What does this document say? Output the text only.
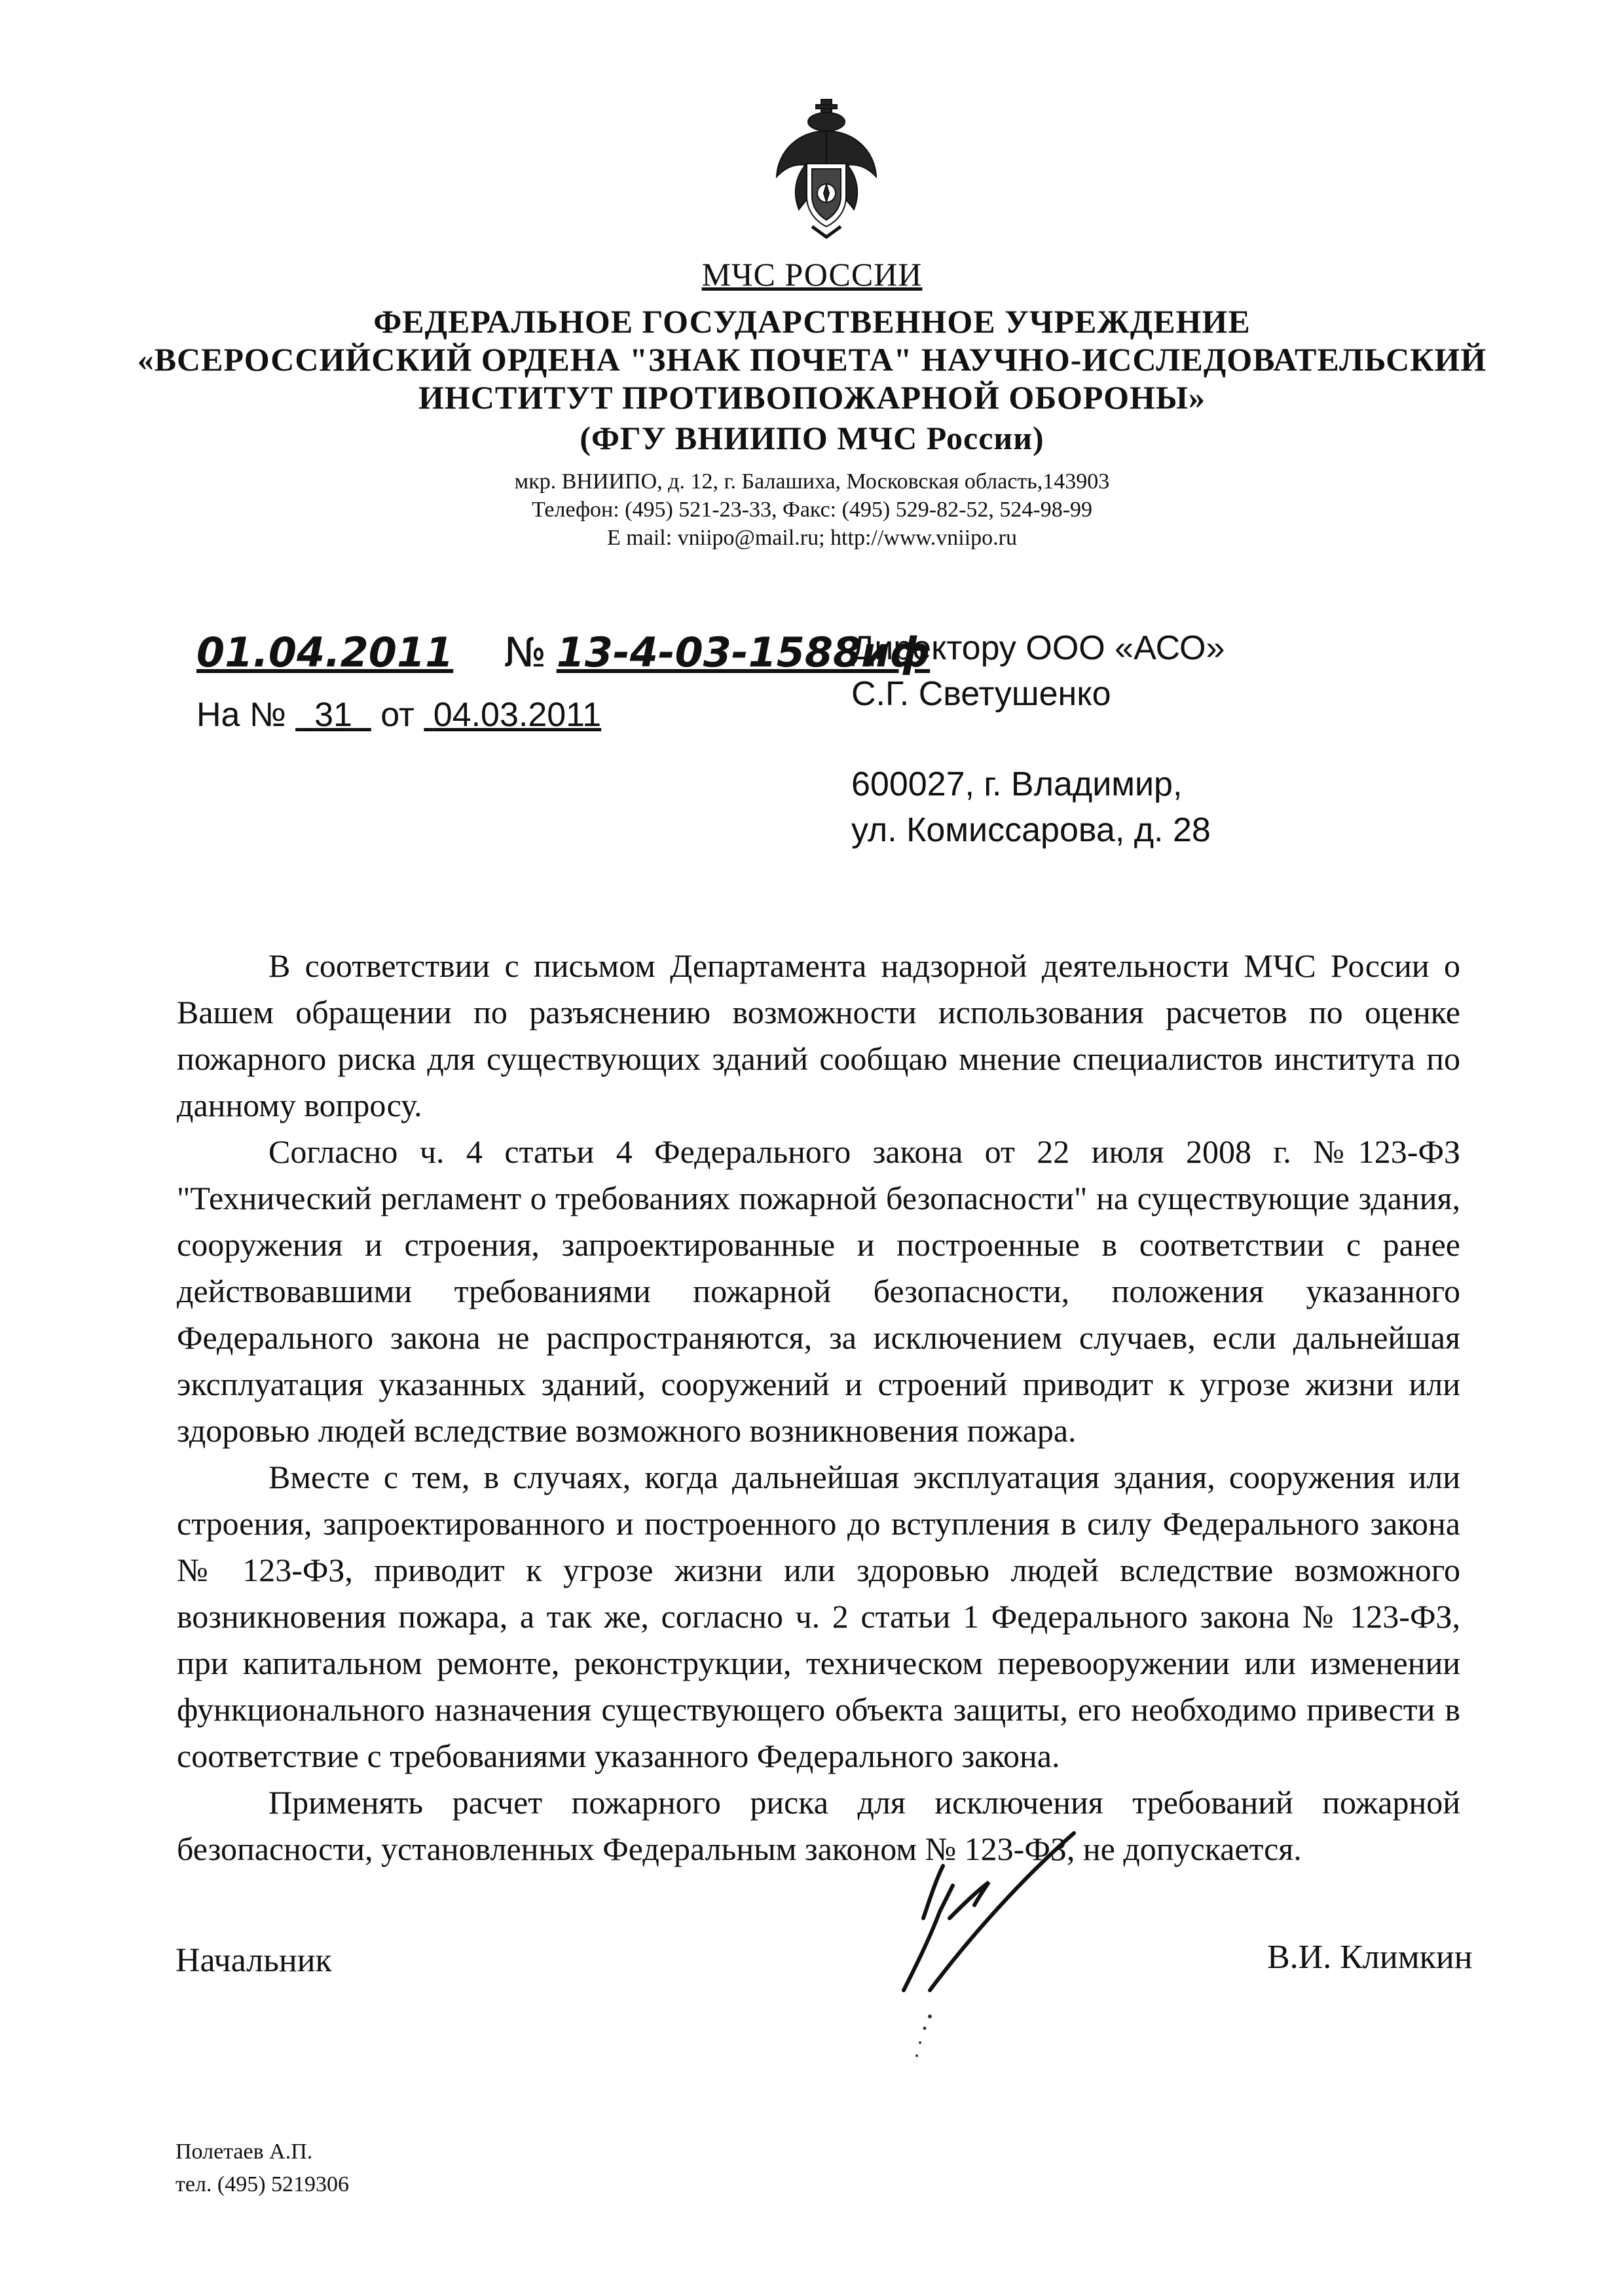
МЧС РОССИИ
ФЕДЕРАЛЬНОЕ ГОСУДАРСТВЕННОЕ УЧРЕЖДЕНИЕ
«ВСЕРОССИЙСКИЙ ОРДЕНА "ЗНАК ПОЧЕТА" НАУЧНО-ИССЛЕДОВАТЕЛЬСКИЙ
ИНСТИТУТ ПРОТИВОПОЖАРНОЙ ОБОРОНЫ»
(ФГУ ВНИИПО МЧС России)
мкр. ВНИИПО, д. 12, г. Балашиха, Московская область,143903
Телефон: (495) 521-23-33, Факс: (495) 529-82-52, 524-98-99
E mail: vniipo@mail.ru; http://www.vniipo.ru
01.04.2011 № 13-4-03-1588иф
На № 31 от 04.03.2011
Директору ООО «АСО»
С.Г. Светушенко
600027, г. Владимир,
ул. Комиссарова, д. 28

В соответствии с письмом Департамента надзорной деятельности МЧС России о Вашем обращении по разъяснению возможности использования расчетов по оценке пожарного риска для существующих зданий сообщаю мнение специалистов института по данному вопросу.

Согласно ч. 4 статьи 4 Федерального закона от 22 июля 2008 г. №123-ФЗ "Технический регламент о требованиях пожарной безопасности" на существующие здания, сооружения и строения, запроектированные и построенные в соответствии с ранее действовавшими требованиями пожарной безопасности, положения указанного Федерального закона не распространяются, за исключением случаев, если дальнейшая эксплуатация указанных зданий, сооружений и строений приводит к угрозе жизни или здоровью людей вследствие возможного возникновения пожара.

Вместе с тем, в случаях, когда дальнейшая эксплуатация здания, сооружения или строения, запроектированного и построенного до вступления в силу Федерального закона № 123-ФЗ, приводит к угрозе жизни или здоровью людей вследствие возможного возникновения пожара, а так же, согласно ч. 2 статьи 1 Федерального закона № 123-ФЗ, при капитальном ремонте, реконструкции, техническом перевооружении или изменении функционального назначения существующего объекта защиты, его необходимо привести в соответствие с требованиями указанного Федерального закона.

Применять расчет пожарного риска для исключения требований пожарной безопасности, установленных Федеральным законом № 123-ФЗ, не допускается.

Начальник	В.И. Климкин
Полетаев А.П.
тел. (495) 5219306
